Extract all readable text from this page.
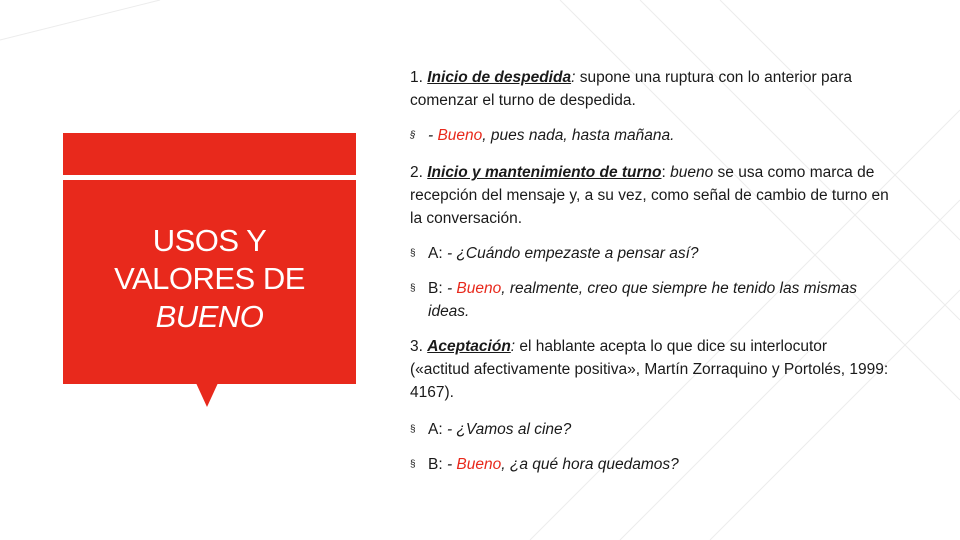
USOS Y
VALORES DE
BUENO

1. Inicio de despedida: supone una ruptura con lo anterior para comenzar el turno de despedida.

§ - Bueno, pues nada, hasta mañana.

2. Inicio y mantenimiento de turno: bueno se usa como marca de recepción del mensaje y, a su vez, como señal de cambio de turno en la conversación.

§ A: - ¿Cuándo empezaste a pensar así?

§ B: - Bueno, realmente, creo que siempre he tenido las mismas ideas.

3. Aceptación: el hablante acepta lo que dice su interlocutor («actitud afectivamente positiva», Martín Zorraquino y Portolés, 1999: 4167).

§ A: - ¿Vamos al cine?

§ B: - Bueno, ¿a qué hora quedamos?
